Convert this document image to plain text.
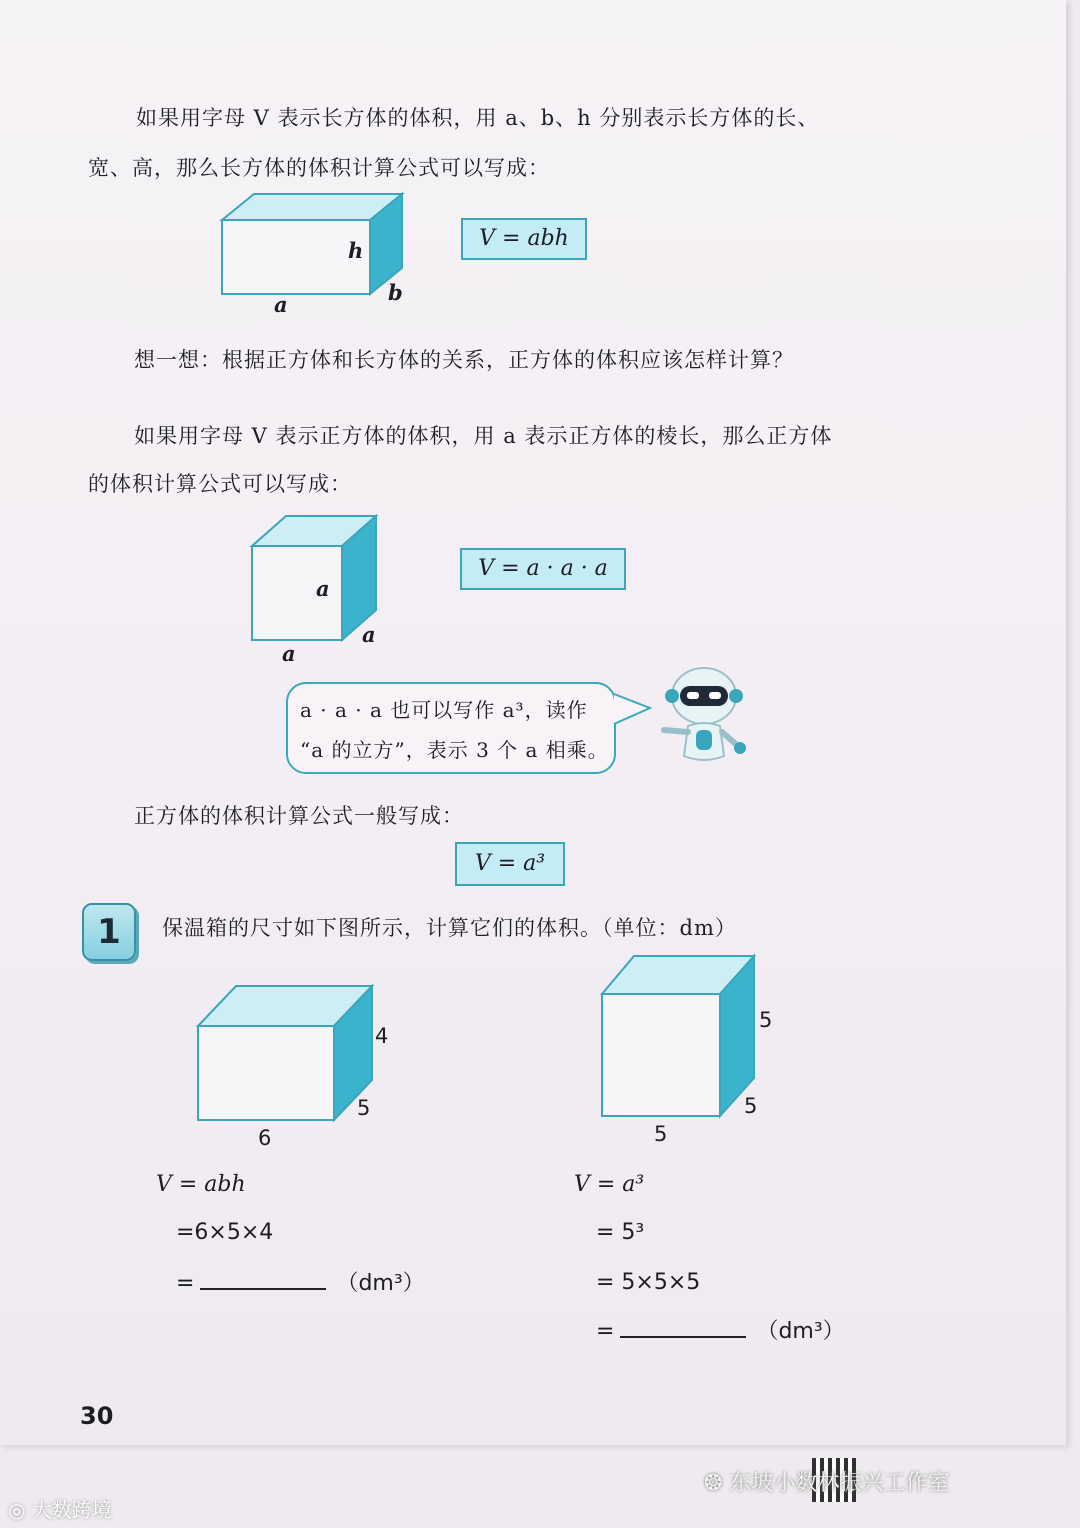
如果用字母 V 表示长方体的体积，用 a、b、h 分别表示长方体的长、
宽、高，那么长方体的体积计算公式可以写成：
h
a	b
V = abh
想一想：根据正方体和长方体的关系，正方体的体积应该怎样计算？
如果用字母 V 表示正方体的体积，用 a 表示正方体的棱长，那么正方体
的体积计算公式可以写成：
a
a
a
V = a · a · a
a · a · a 也可以写作 a³，读作
“a 的立方”，表示 3 个 a 相乘。
正方体的体积计算公式一般写成：
V = a³
1	保温箱的尺寸如下图所示，计算它们的体积。（单位：dm）
4
5
6
5
5
5
V = abh
=6×5×4
=	（dm³）
V = a³
= 5³
= 5×5×5
=	（dm³）
30
◎ 大数跨境
❂ 东坡小数林振兴工作室
